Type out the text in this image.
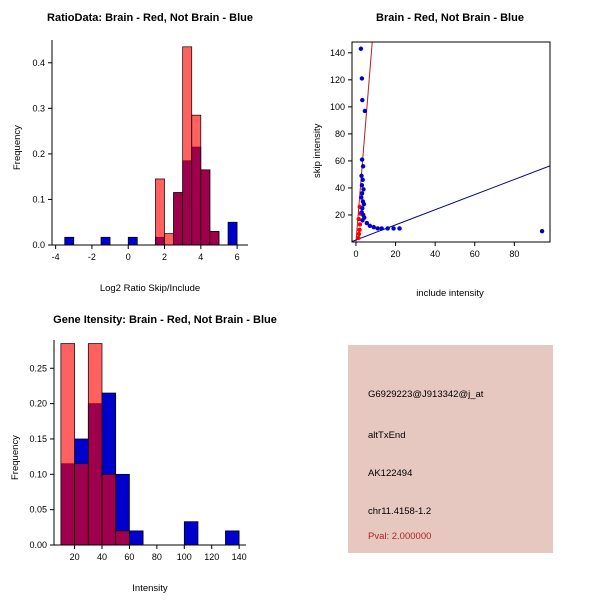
RatioData: Brain - Red, Not Brain - Blue
Frequency
Log2 Ratio Skip/Include
-4	-2	0	2	4	6
0.0
0.1
0.2
0.3
0.4
Brain - Red, Not Brain - Blue
skip intensity
include intensity
0	20	40	60	80
20
40
60
80
100
120
140
Gene Itensity: Brain - Red, Not Brain - Blue
Frequency
Intensity
20 40 60 80 100 120 140
0.00
0.05
0.10
0.15
0.20
0.25
G6929223@J913342@j_at
altTxEnd
AK122494
chr11.4158-1.2
Pval: 2.000000
